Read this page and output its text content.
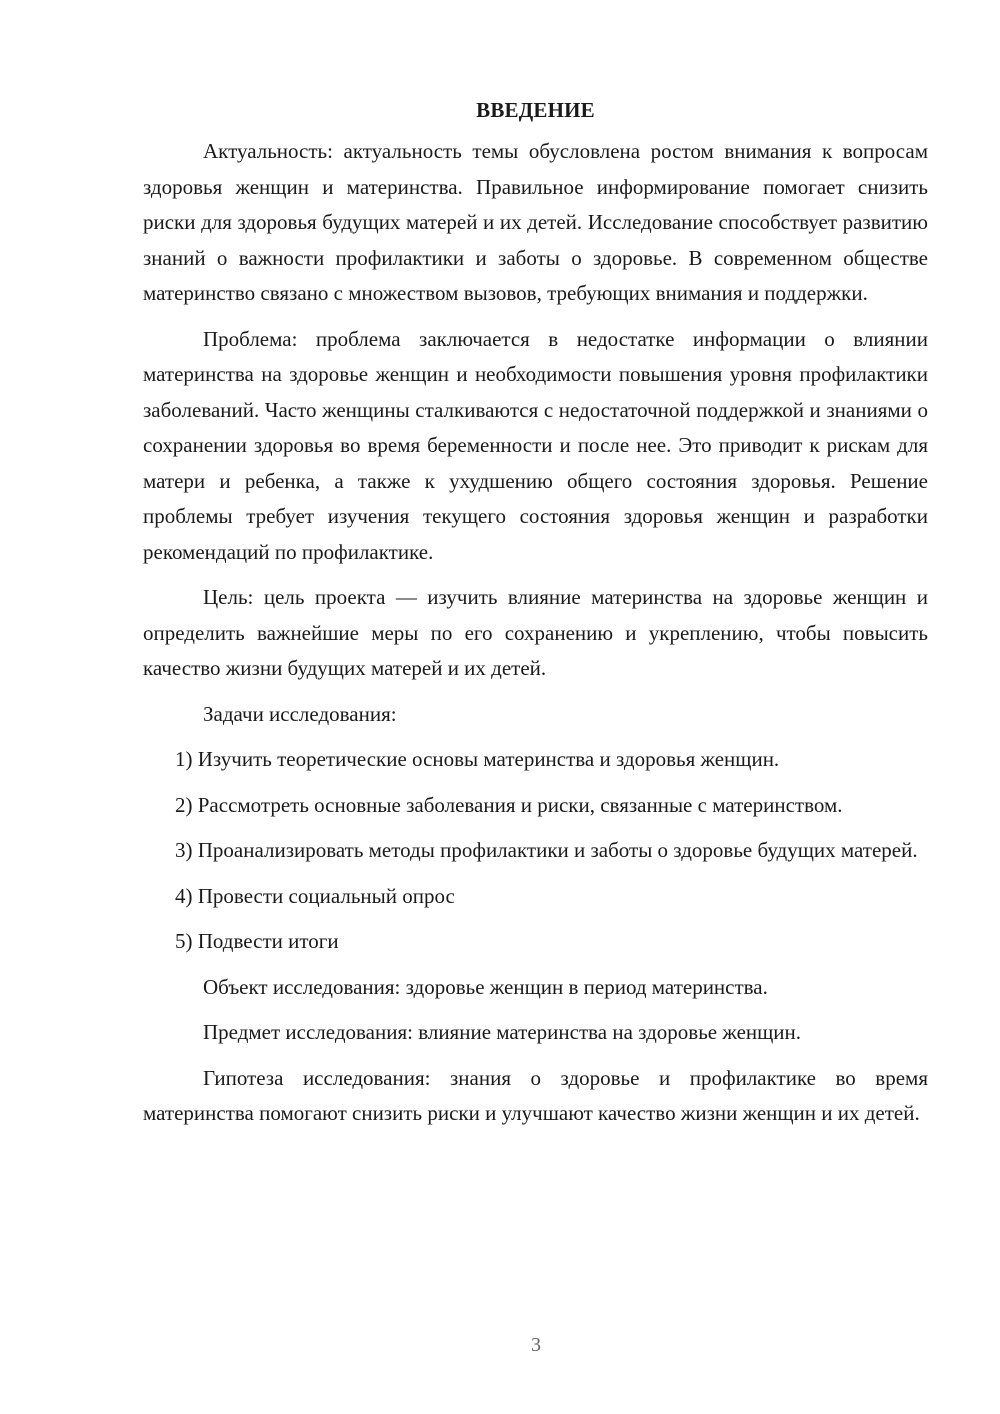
ВВЕДЕНИЕ

Актуальность: актуальность темы обусловлена ростом внимания к вопросам здоровья женщин и материнства. Правильное информирование помогает снизить риски для здоровья будущих матерей и их детей. Исследование способствует развитию знаний о важности профилактики и заботы о здоровье. В современном обществе материнство связано с множеством вызовов, требующих внимания и поддержки.

Проблема: проблема заключается в недостатке информации о влиянии материнства на здоровье женщин и необходимости повышения уровня профилактики заболеваний. Часто женщины сталкиваются с недостаточной поддержкой и знаниями о сохранении здоровья во время беременности и после нее. Это приводит к рискам для матери и ребенка, а также к ухудшению общего состояния здоровья. Решение проблемы требует изучения текущего состояния здоровья женщин и разработки рекомендаций по профилактике.

Цель: цель проекта — изучить влияние материнства на здоровье женщин и определить важнейшие меры по его сохранению и укреплению, чтобы повысить качество жизни будущих матерей и их детей.

Задачи исследования:

1) Изучить теоретические основы материнства и здоровья женщин.

2) Рассмотреть основные заболевания и риски, связанные с материнством.

3) Проанализировать методы профилактики и заботы о здоровье будущих матерей.

4) Провести социальный опрос

5) Подвести итоги

Объект исследования: здоровье женщин в период материнства.

Предмет исследования: влияние материнства на здоровье женщин.

Гипотеза исследования: знания о здоровье и профилактике во время материнства помогают снизить риски и улучшают качество жизни женщин и их детей.

3
